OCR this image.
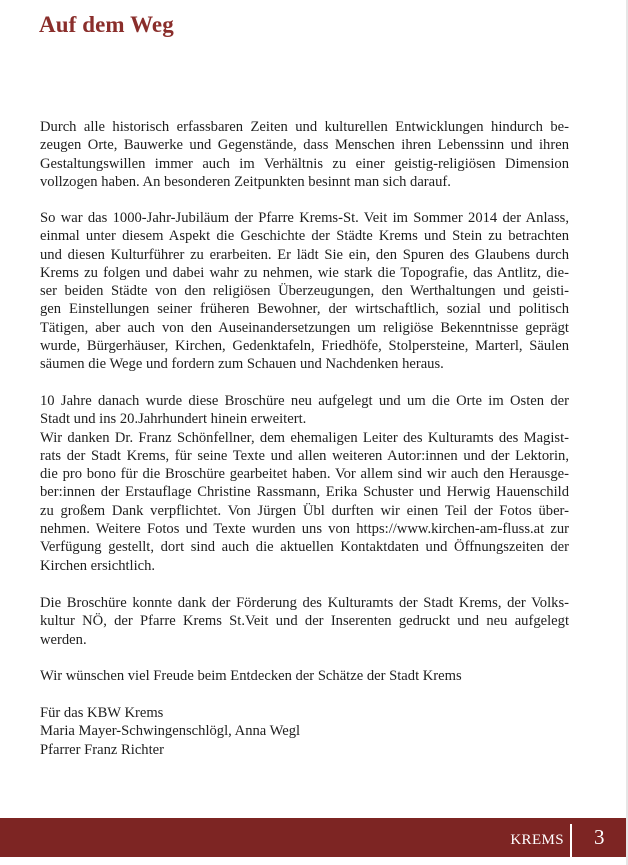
Auf dem Weg
Durch alle historisch erfassbaren Zeiten und kulturellen Entwicklungen hindurch be-
zeugen Orte, Bauwerke und Gegenstände, dass Menschen ihren Lebenssinn und ihren
Gestaltungswillen immer auch im Verhältnis zu einer geistig-religiösen Dimension
vollzogen haben. An besonderen Zeitpunkten besinnt man sich darauf.
So war das 1000-Jahr-Jubiläum der Pfarre Krems-St. Veit im Sommer 2014 der Anlass,
einmal unter diesem Aspekt die Geschichte der Städte Krems und Stein zu betrachten
und diesen Kulturführer zu erarbeiten. Er lädt Sie ein, den Spuren des Glaubens durch
Krems zu folgen und dabei wahr zu nehmen, wie stark die Topografie, das Antlitz, die-
ser beiden Städte von den religiösen Überzeugungen, den Werthaltungen und geisti-
gen Einstellungen seiner früheren Bewohner, der wirtschaftlich, sozial und politisch
Tätigen, aber auch von den Auseinandersetzungen um religiöse Bekenntnisse geprägt
wurde, Bürgerhäuser, Kirchen, Gedenktafeln, Friedhöfe, Stolpersteine, Marterl, Säulen
säumen die Wege und fordern zum Schauen und Nachdenken heraus.
10 Jahre danach wurde diese Broschüre neu aufgelegt und um die Orte im Osten der
Stadt und ins 20.Jahrhundert hinein erweitert.
Wir danken Dr. Franz Schönfellner, dem ehemaligen Leiter des Kulturamts des Magist-
rats der Stadt Krems, für seine Texte und allen weiteren Autor:innen und der Lektorin,
die pro bono für die Broschüre gearbeitet haben. Vor allem sind wir auch den Herausge-
ber:innen der Erstauflage Christine Rassmann, Erika Schuster und Herwig Hauenschild
zu großem Dank verpflichtet. Von Jürgen Übl durften wir einen Teil der Fotos über-
nehmen. Weitere Fotos und Texte wurden uns von https://www.kirchen-am-fluss.at zur
Verfügung gestellt, dort sind auch die aktuellen Kontaktdaten und Öffnungszeiten der
Kirchen ersichtlich.
Die Broschüre konnte dank der Förderung des Kulturamts der Stadt Krems, der Volks-
kultur NÖ, der Pfarre Krems St.Veit und der Inserenten gedruckt und neu aufgelegt
werden.
Wir wünschen viel Freude beim Entdecken der Schätze der Stadt Krems
Für das KBW Krems
Maria Mayer-Schwingenschlögl, Anna Wegl
Pfarrer Franz Richter
KREMS 3
